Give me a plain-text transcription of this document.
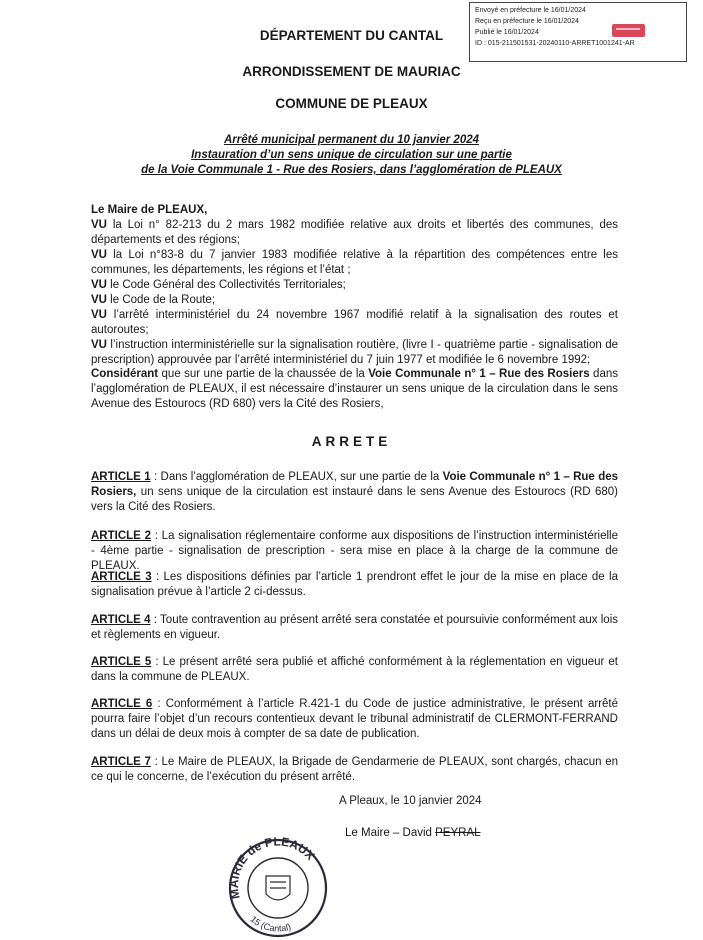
Envoyé en préfecture le 16/01/2024
Reçu en préfecture le 16/01/2024
Publié le 16/01/2024
ID : 015-211501531-20240110-ARRET1001241-AR
DÉPARTEMENT DU CANTAL
ARRONDISSEMENT DE MAURIAC
COMMUNE DE PLEAUX
Arrêté municipal permanent du 10 janvier 2024
Instauration d’un sens unique de circulation sur une partie
de la Voie Communale 1 - Rue des Rosiers, dans l’agglomération de PLEAUX

Le Maire de PLEAUX,

VU la Loi n° 82-213 du 2 mars 1982 modifiée relative aux droits et libertés des communes, des départements et des régions;

VU la Loi n°83-8 du 7 janvier 1983 modifiée relative à la répartition des compétences entre les communes, les départements, les régions et l’état ;

VU le Code Général des Collectivités Territoriales;

VU le Code de la Route;

VU l’arrêté interministériel du 24 novembre 1967 modifié relatif à la signalisation des routes et autoroutes;

VU l’instruction interministérielle sur la signalisation routière, (livre I - quatrième partie - signalisation de prescription) approuvée par l’arrêté interministériel du 7 juin 1977 et modifiée le 6 novembre 1992;

Considérant que sur une partie de la chaussée de la Voie Communale n° 1 – Rue des Rosiers dans l’agglomération de PLEAUX, il est nécessaire d’instaurer un sens unique de la circulation dans le sens Avenue des Estourocs (RD 680) vers la Cité des Rosiers,

ARRETE
ARTICLE 1 : Dans l’agglomération de PLEAUX, sur une partie de la Voie Communale n° 1 – Rue des Rosiers, un sens unique de la circulation est instauré dans le sens Avenue des Estourocs (RD 680) vers la Cité des Rosiers.
ARTICLE 2 : La signalisation réglementaire conforme aux dispositions de l’instruction interministérielle - 4ème partie - signalisation de prescription - sera mise en place à la charge de la commune de PLEAUX.
ARTICLE 3 : Les dispositions définies par l’article 1 prendront effet le jour de la mise en place de la signalisation prévue à l’article 2 ci-dessus.
ARTICLE 4 : Toute contravention au présent arrêté sera constatée et poursuivie conformément aux lois et règlements en vigueur.
ARTICLE 5 : Le présent arrêté sera publié et affiché conformément à la réglementation en vigueur et dans la commune de PLEAUX.
ARTICLE 6 : Conformément à l’article R.421-1 du Code de justice administrative, le présent arrêté pourra faire l’objet d’un recours contentieux devant le tribunal administratif de CLERMONT-FERRAND dans un délai de deux mois à compter de sa date de publication.
ARTICLE 7 : Le Maire de PLEAUX, la Brigade de Gendarmerie de PLEAUX, sont chargés, chacun en ce qui le concerne, de l’exécution du présent arrêté.
A Pleaux, le 10 janvier 2024
Le Maire – David PEYRAL
MAIRIE de PLEAUX
15 (Cantal)
